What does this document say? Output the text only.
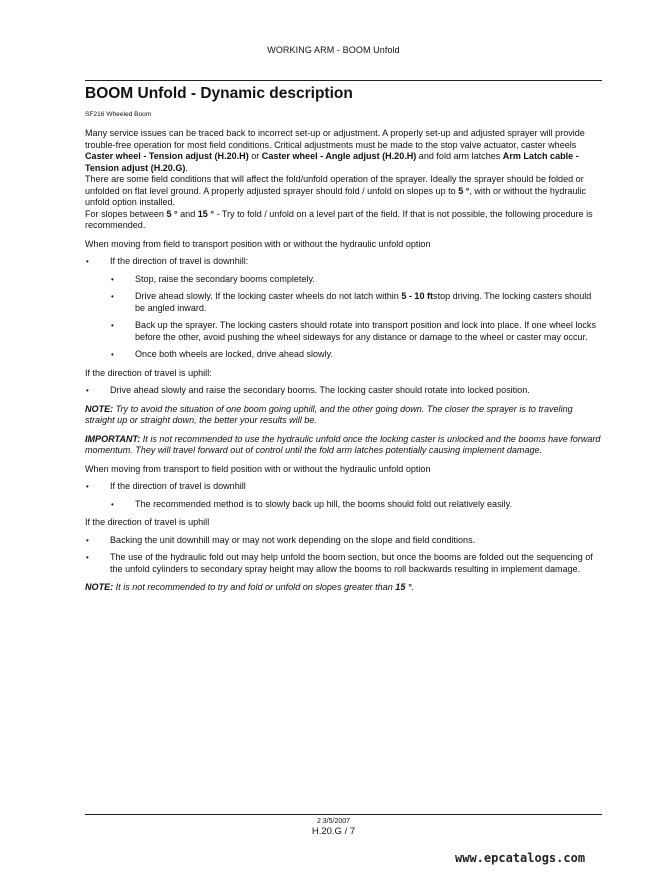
WORKING ARM - BOOM Unfold
BOOM Unfold - Dynamic description
SF216 Wheeled Boom

Many service issues can be traced back to incorrect set-up or adjustment. A properly set-up and adjusted sprayer will provide trouble-free operation for most field conditions. Critical adjustments must be made to the stop valve actuator, caster wheels Caster wheel - Tension adjust (H.20.H) or Caster wheel - Angle adjust (H.20.H) and fold arm latches Arm Latch cable - Tension adjust (H.20.G).
There are some field conditions that will affect the fold/unfold operation of the sprayer. Ideally the sprayer should be folded or unfolded on flat level ground. A properly adjusted sprayer should fold / unfold on slopes up to 5 °, with or without the hydraulic unfold option installed.
For slopes between 5 ° and 15 ° - Try to fold / unfold on a level part of the field. If that is not possible, the following procedure is recommended.

When moving from field to transport position with or without the hydraulic unfold option

• If the direction of travel is downhill:
• Stop, raise the secondary booms completely.
• Drive ahead slowly. If the locking caster wheels do not latch within 5 - 10 ftstop driving. The locking casters should be angled inward.
• Back up the sprayer. The locking casters should rotate into transport position and lock into place. If one wheel locks before the other, avoid pushing the wheel sideways for any distance or damage to the wheel or caster may occur.
• Once both wheels are locked, drive ahead slowly.

If the direction of travel is uphill:

• Drive ahead slowly and raise the secondary booms. The locking caster should rotate into locked position.

NOTE: Try to avoid the situation of one boom going uphill, and the other going down. The closer the sprayer is to traveling straight up or straight down, the better your results will be.

IMPORTANT: It is not recommended to use the hydraulic unfold once the locking caster is unlocked and the booms have forward momentum. They will travel forward out of control until the fold arm latches potentially causing implement damage.

When moving from transport to field position with or without the hydraulic unfold option

• If the direction of travel is downhill
• The recommended method is to slowly back up hill, the booms should fold out relatively easily.

If the direction of travel is uphill

• Backing the unit downhill may or may not work depending on the slope and field conditions.
• The use of the hydraulic fold out may help unfold the boom section, but once the booms are folded out the sequencing of the unfold cylinders to secondary spray height may allow the booms to roll backwards resulting in implement damage.

NOTE: It is not recommended to try and fold or unfold on slopes greater than 15 °.

2 3/5/2007
H.20.G / 7
www.epcatalogs.com
